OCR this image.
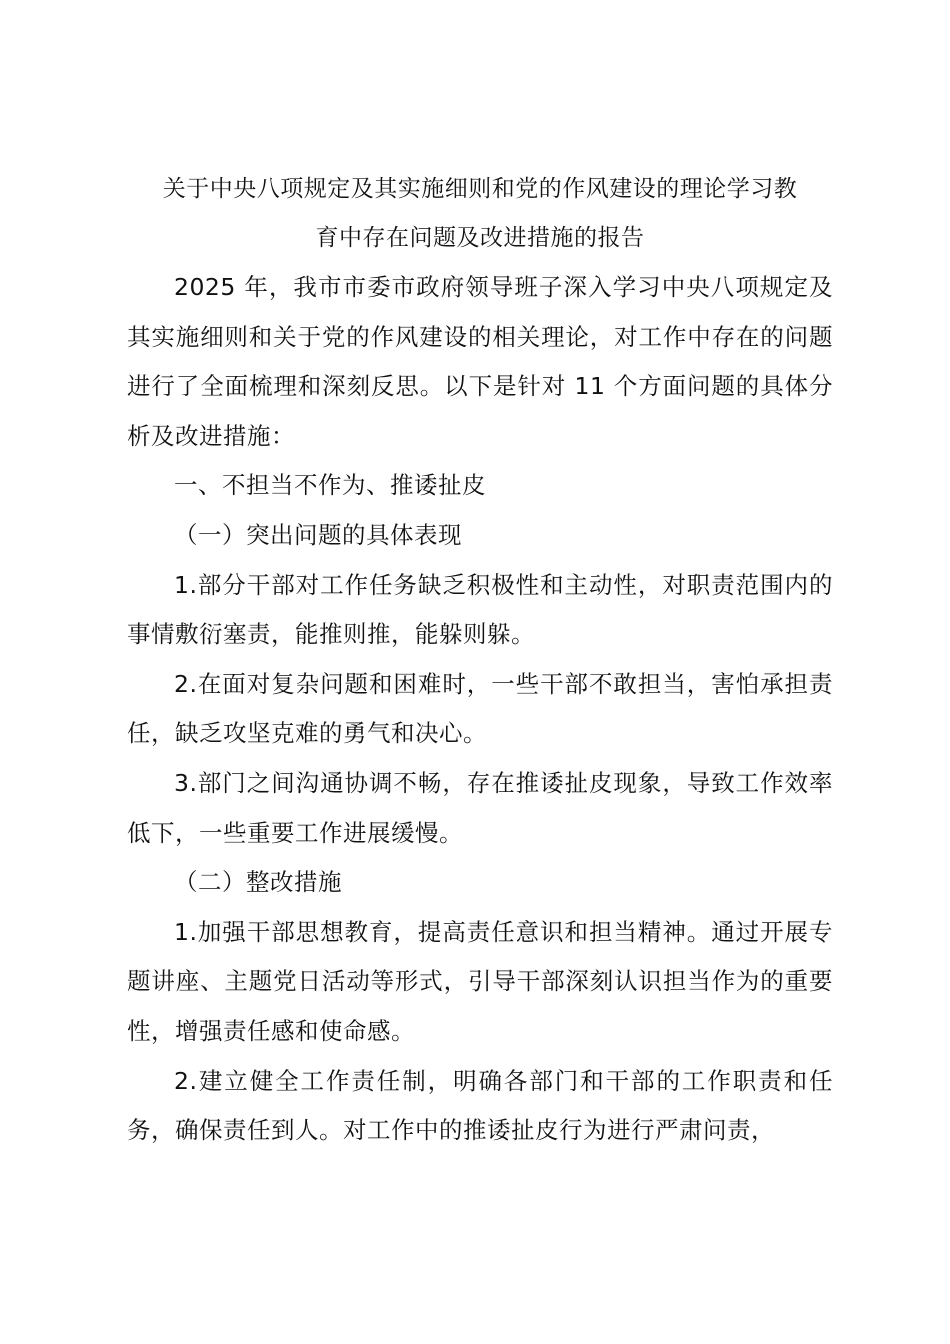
关于中央八项规定及其实施细则和党的作风建设的理论学习教
育中存在问题及改进措施的报告

2025 年，我市市委市政府领导班子深入学习中央八项规定及其实施细则和关于党的作风建设的相关理论，对工作中存在的问题进行了全面梳理和深刻反思。以下是针对 11 个方面问题的具体分析及改进措施：

一、不担当不作为、推诿扯皮

（一）突出问题的具体表现

1.部分干部对工作任务缺乏积极性和主动性，对职责范围内的事情敷衍塞责，能推则推，能躲则躲。

2.在面对复杂问题和困难时，一些干部不敢担当，害怕承担责任，缺乏攻坚克难的勇气和决心。

3.部门之间沟通协调不畅，存在推诿扯皮现象，导致工作效率低下，一些重要工作进展缓慢。

（二）整改措施

1.加强干部思想教育，提高责任意识和担当精神。通过开展专题讲座、主题党日活动等形式，引导干部深刻认识担当作为的重要性，增强责任感和使命感。

2.建立健全工作责任制，明确各部门和干部的工作职责和任务，确保责任到人。对工作中的推诿扯皮行为进行严肃问责，
